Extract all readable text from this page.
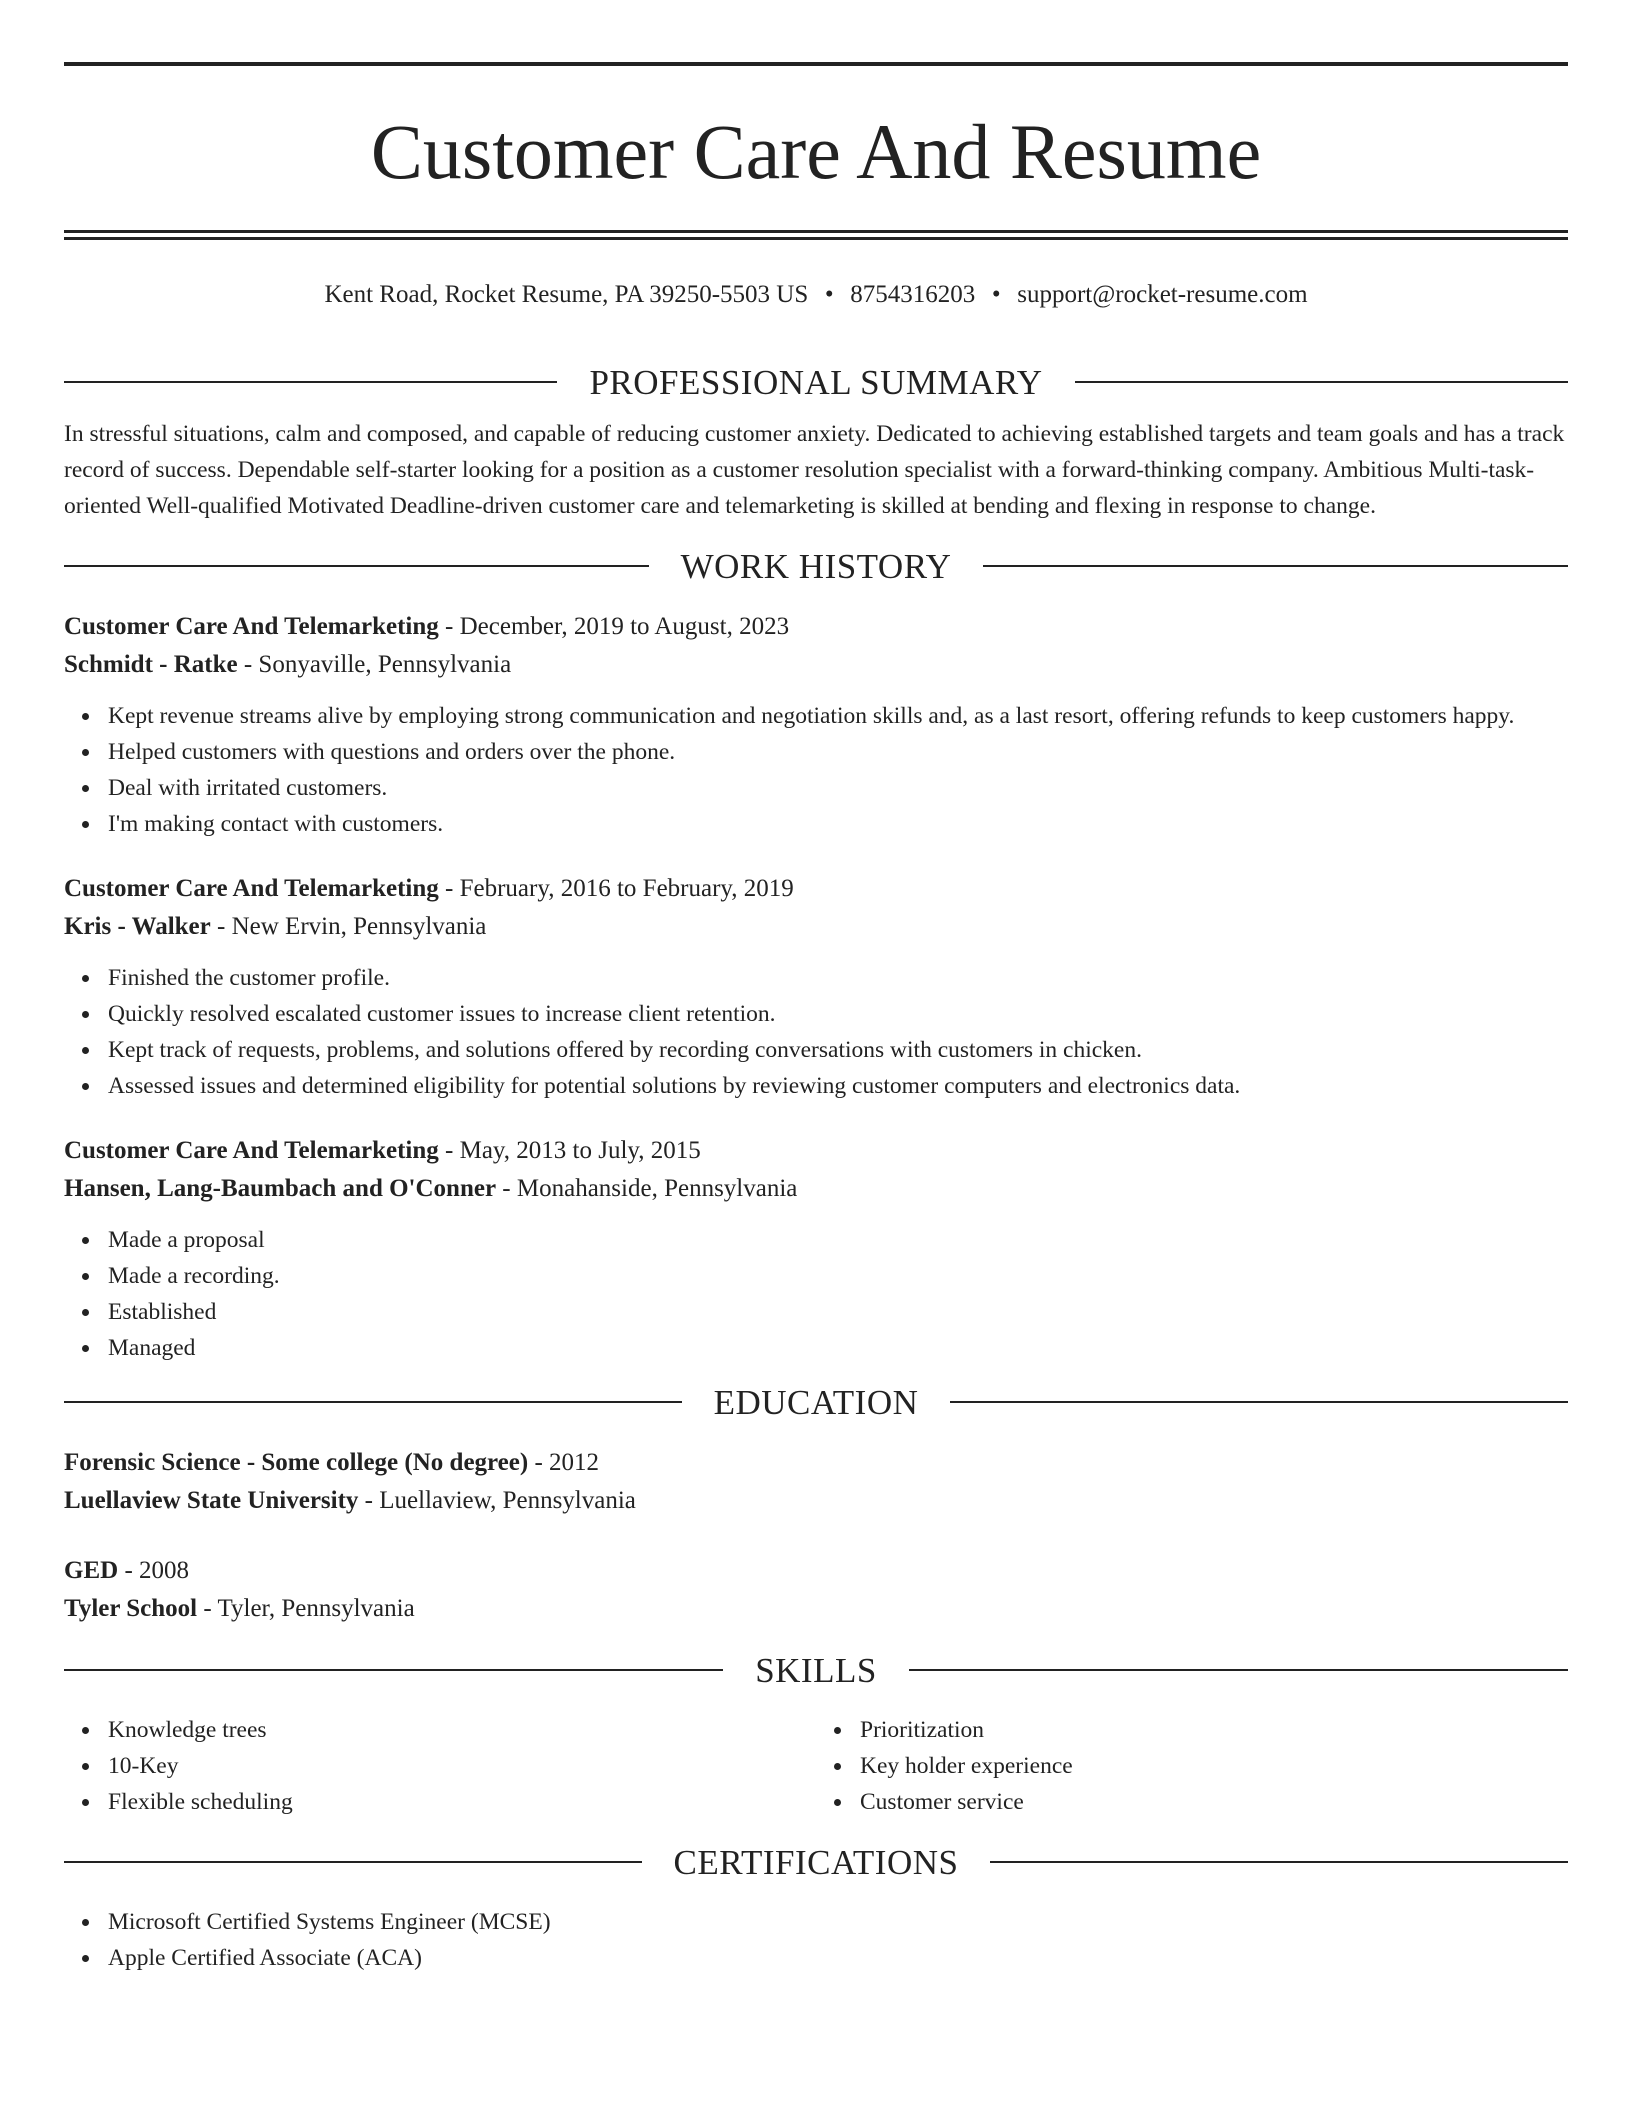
Customer Care And Resume
Kent Road, Rocket Resume, PA 39250-5503 US • 8754316203 • support@rocket-resume.com
PROFESSIONAL SUMMARY

In stressful situations, calm and composed, and capable of reducing customer anxiety. Dedicated to achieving established targets and team goals and has a track record of success. Dependable self-starter looking for a position as a customer resolution specialist with a forward-thinking company. Ambitious Multi-task-oriented Well-qualified Motivated Deadline-driven customer care and telemarketing is skilled at bending and flexing in response to change.

WORK HISTORY
Customer Care And Telemarketing - December, 2019 to August, 2023
Schmidt - Ratke - Sonyaville, Pennsylvania
Kept revenue streams alive by employing strong communication and negotiation skills and, as a last resort, offering refunds to keep customers happy.
Helped customers with questions and orders over the phone.
Deal with irritated customers.
I'm making contact with customers.
Customer Care And Telemarketing - February, 2016 to February, 2019
Kris - Walker - New Ervin, Pennsylvania
Finished the customer profile.
Quickly resolved escalated customer issues to increase client retention.
Kept track of requests, problems, and solutions offered by recording conversations with customers in chicken.
Assessed issues and determined eligibility for potential solutions by reviewing customer computers and electronics data.
Customer Care And Telemarketing - May, 2013 to July, 2015
Hansen, Lang-Baumbach and O'Conner - Monahanside, Pennsylvania
Made a proposal
Made a recording.
Established
Managed
EDUCATION
Forensic Science - Some college (No degree) - 2012
Luellaview State University - Luellaview, Pennsylvania
GED - 2008
Tyler School - Tyler, Pennsylvania
SKILLS
Knowledge trees
10-Key
Flexible scheduling
Prioritization
Key holder experience
Customer service
CERTIFICATIONS
Microsoft Certified Systems Engineer (MCSE)
Apple Certified Associate (ACA)
